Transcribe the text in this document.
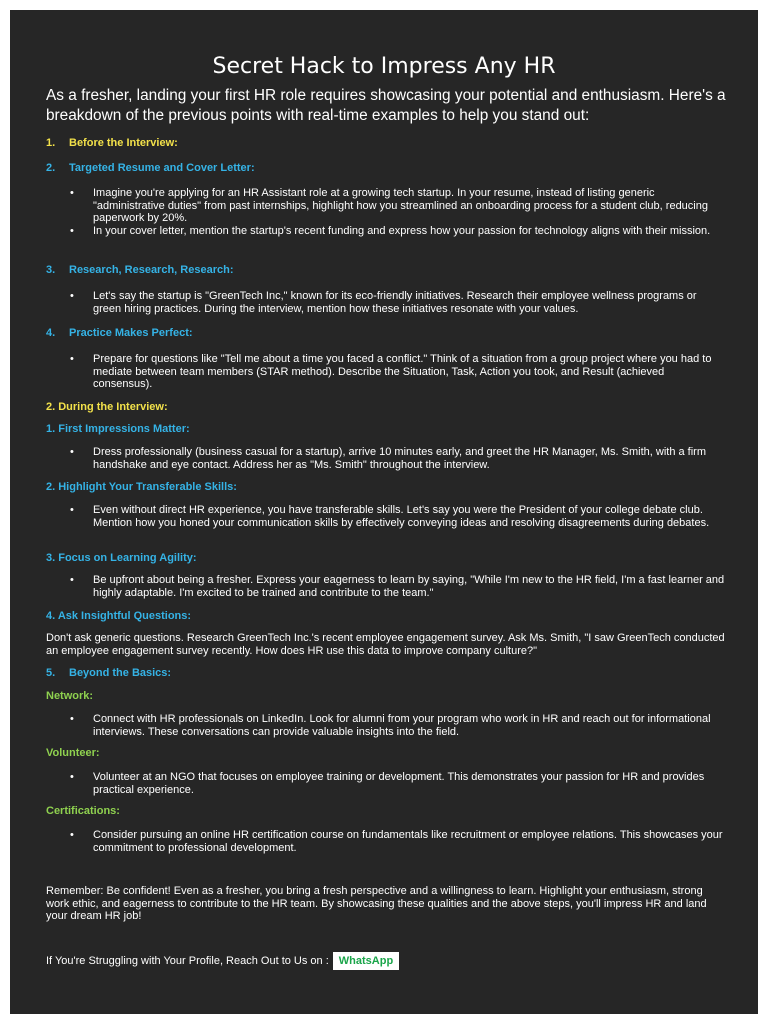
Secret Hack to Impress Any HR

As a fresher, landing your first HR role requires showcasing your potential and enthusiasm. Here's a breakdown of the previous points with real-time examples to help you stand out:

1. Before the Interview:
2. Targeted Resume and Cover Letter:
• Imagine you're applying for an HR Assistant role at a growing tech startup. In your resume, instead of listing generic "administrative duties" from past internships, highlight how you streamlined an onboarding process for a student club, reducing paperwork by 20%.
• In your cover letter, mention the startup's recent funding and express how your passion for technology aligns with their mission.
3. Research, Research, Research:
• Let's say the startup is "GreenTech Inc," known for its eco-friendly initiatives. Research their employee wellness programs or green hiring practices. During the interview, mention how these initiatives resonate with your values.
4. Practice Makes Perfect:
• Prepare for questions like "Tell me about a time you faced a conflict." Think of a situation from a group project where you had to mediate between team members (STAR method). Describe the Situation, Task, Action you took, and Result (achieved consensus).
2. During the Interview:
1. First Impressions Matter:
• Dress professionally (business casual for a startup), arrive 10 minutes early, and greet the HR Manager, Ms. Smith, with a firm handshake and eye contact. Address her as "Ms. Smith" throughout the interview.
2. Highlight Your Transferable Skills:
• Even without direct HR experience, you have transferable skills. Let's say you were the President of your college debate club. Mention how you honed your communication skills by effectively conveying ideas and resolving disagreements during debates.
3. Focus on Learning Agility:
• Be upfront about being a fresher. Express your eagerness to learn by saying, "While I'm new to the HR field, I'm a fast learner and highly adaptable. I'm excited to be trained and contribute to the team."
4. Ask Insightful Questions:

Don't ask generic questions. Research GreenTech Inc.'s recent employee engagement survey. Ask Ms. Smith, "I saw GreenTech conducted an employee engagement survey recently. How does HR use this data to improve company culture?"

5. Beyond the Basics:
Network:
• Connect with HR professionals on LinkedIn. Look for alumni from your program who work in HR and reach out for informational interviews. These conversations can provide valuable insights into the field.
Volunteer:
• Volunteer at an NGO that focuses on employee training or development. This demonstrates your passion for HR and provides practical experience.
Certifications:
• Consider pursuing an online HR certification course on fundamentals like recruitment or employee relations. This showcases your commitment to professional development.

Remember: Be confident! Even as a fresher, you bring a fresh perspective and a willingness to learn. Highlight your enthusiasm, strong work ethic, and eagerness to contribute to the HR team. By showcasing these qualities and the above steps, you'll impress HR and land your dream HR job!

If You're Struggling with Your Profile, Reach Out to Us on : WhatsApp
